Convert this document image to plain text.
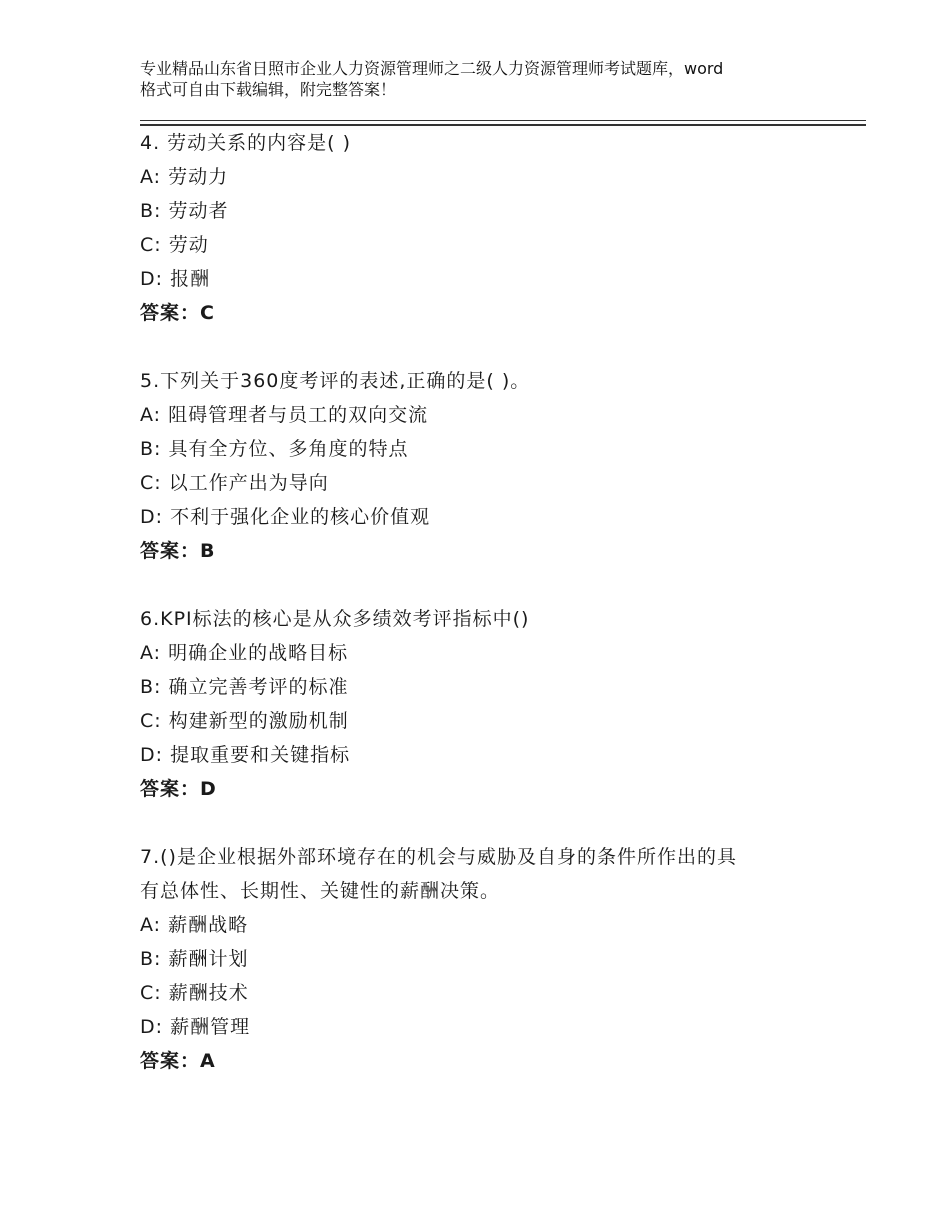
专业精品山东省日照市企业人力资源管理师之二级人力资源管理师考试题库，word
格式可自由下载编辑，附完整答案！
4. 劳动关系的内容是( )
A: 劳动力
B: 劳动者
C: 劳动
D: 报酬
答案：C
5.下列关于360度考评的表述,正确的是( )。
A: 阻碍管理者与员工的双向交流
B: 具有全方位、多角度的特点
C: 以工作产出为导向
D: 不利于强化企业的核心价值观
答案：B
6.KPI标法的核心是从众多绩效考评指标中()
A: 明确企业的战略目标
B: 确立完善考评的标准
C: 构建新型的激励机制
D: 提取重要和关键指标
答案：D
7.()是企业根据外部环境存在的机会与威胁及自身的条件所作出的具
有总体性、长期性、关键性的薪酬决策。
A: 薪酬战略
B: 薪酬计划
C: 薪酬技术
D: 薪酬管理
答案：A
